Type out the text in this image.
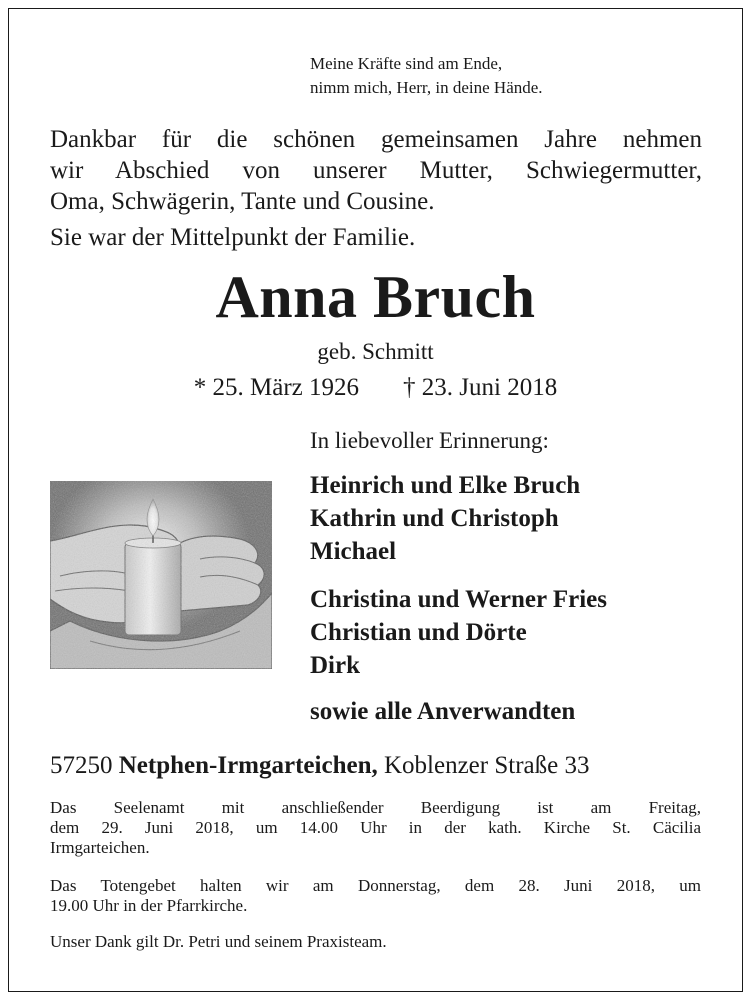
Meine Kräfte sind am Ende,
nimm mich, Herr, in deine Hände.
Dankbar für die schönen gemeinsamen Jahre nehmen
wir Abschied von unserer Mutter, Schwiegermutter,
Oma, Schwägerin, Tante und Cousine.
Sie war der Mittelpunkt der Familie.
Anna Bruch
geb. Schmitt
* 25. März 1926 † 23. Juni 2018
In liebevoller Erinnerung:
Heinrich und Elke Bruch
Kathrin und Christoph
Michael
Christina und Werner Fries
Christian und Dörte
Dirk
sowie alle Anverwandten
57250 Netphen-Irmgarteichen, Koblenzer Straße 33
Das Seelenamt mit anschließender Beerdigung ist am Freitag,
dem 29. Juni 2018, um 14.00 Uhr in der kath. Kirche St. Cäcilia
Irmgarteichen.
Das Totengebet halten wir am Donnerstag, dem 28. Juni 2018, um
19.00 Uhr in der Pfarrkirche.
Unser Dank gilt Dr. Petri und seinem Praxisteam.
